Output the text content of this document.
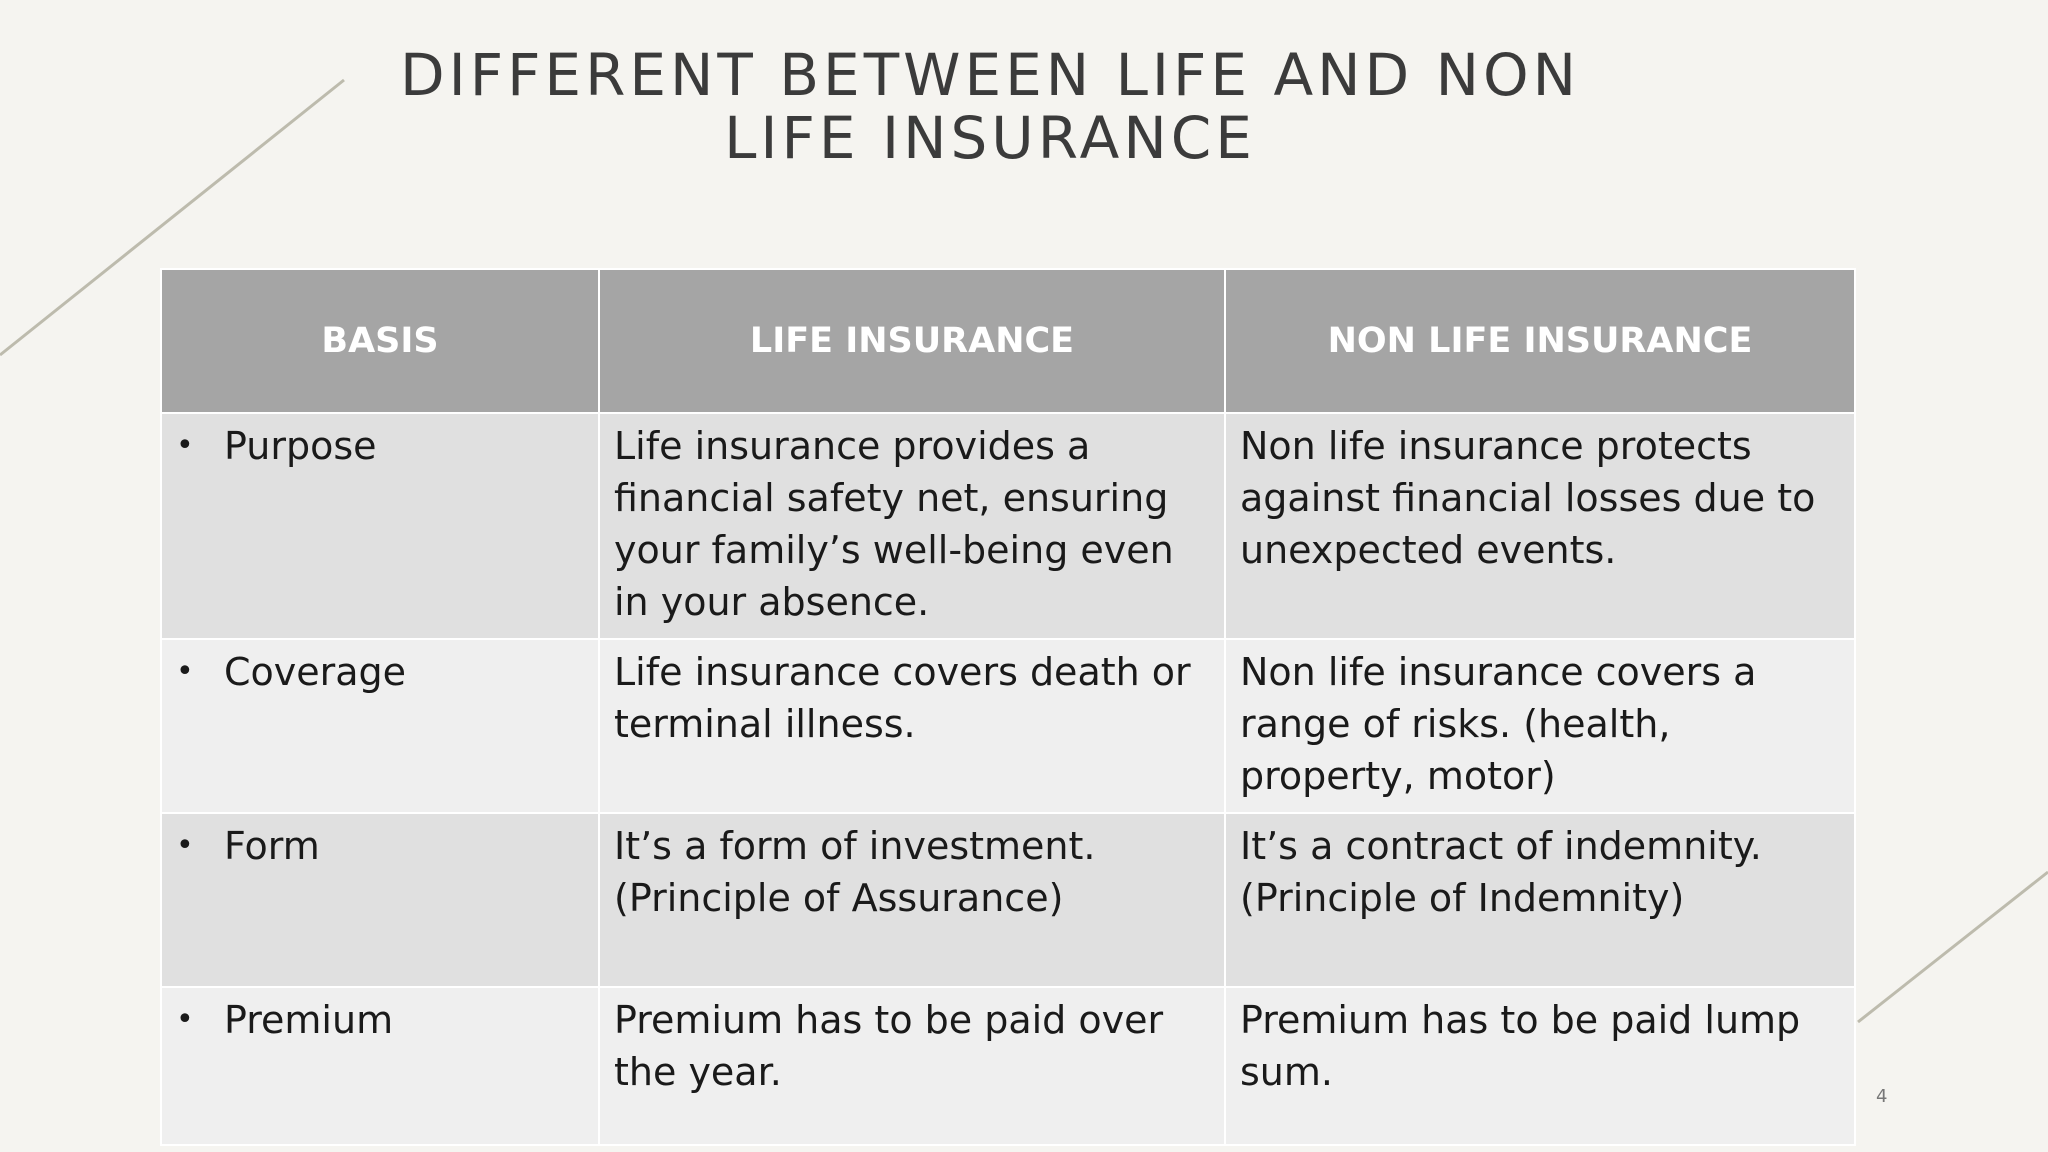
DIFFERENT BETWEEN LIFE AND NON LIFE INSURANCE
BASIS	LIFE INSURANCE	NON LIFE INSURANCE
• Purpose	Life insurance provides a financial safety net, ensuring your family’s well-being even in your absence.	Non life insurance protects against financial losses due to unexpected events.
• Coverage	Life insurance covers death or terminal illness.	Non life insurance covers a range of risks. (health, property, motor)
• Form	It’s a form of investment. (Principle of Assurance)	It’s a contract of indemnity. (Principle of Indemnity)
• Premium	Premium has to be paid over the year.	Premium has to be paid lump sum.
4
